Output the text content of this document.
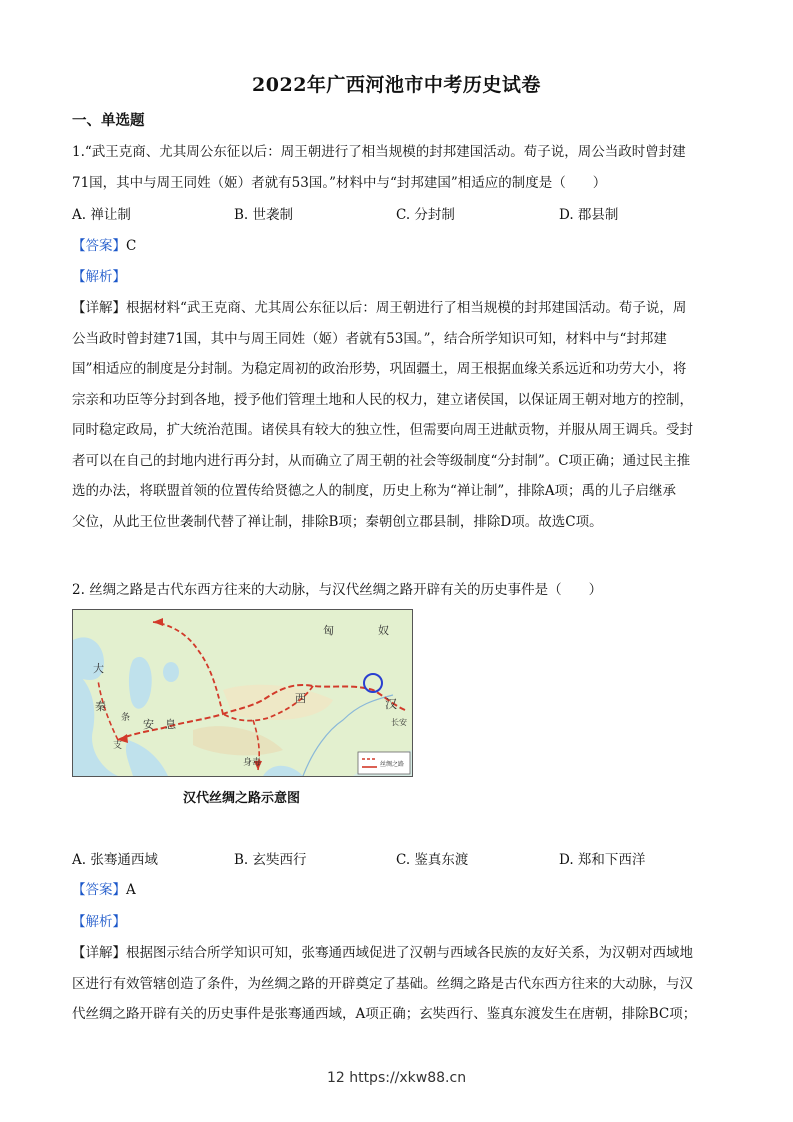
2022年广西河池市中考历史试卷
一、单选题
1.“武王克商、尤其周公东征以后：周王朝进行了相当规模的封邦建国活动。荀子说，周公当政时曾封建
71国，其中与周王同姓（姬）者就有53国。”材料中与“封邦建国”相适应的制度是（　　）
A. 禅让制	B. 世袭制	C. 分封制	D. 郡县制
【答案】C
【解析】
【详解】根据材料“武王克商、尤其周公东征以后：周王朝进行了相当规模的封邦建国活动。荀子说，周
公当政时曾封建71国，其中与周王同姓（姬）者就有53国。”，结合所学知识可知，材料中与“封邦建
国”相适应的制度是分封制。为稳定周初的政治形势，巩固疆土，周王根据血缘关系远近和功劳大小，将
宗亲和功臣等分封到各地，授予他们管理土地和人民的权力，建立诸侯国，以保证周王朝对地方的控制，
同时稳定政局，扩大统治范围。诸侯具有较大的独立性，但需要向周王进献贡物，并服从周王调兵。受封
者可以在自己的封地内进行再分封，从而确立了周王朝的社会等级制度“分封制”。C项正确；通过民主推
选的办法，将联盟首领的位置传给贤德之人的制度，历史上称为“禅让制”，排除A项；禹的儿子启继承
父位，从此王位世袭制代替了禅让制，排除B项；秦朝创立郡县制，排除D项。故选C项。
2. 丝绸之路是古代东西方往来的大动脉，与汉代丝绸之路开辟有关的历史事件是（　　）
匈	奴
西	汉
长安
安 息
大
秦
条
支
身毒	丝绸之路
汉代丝绸之路示意图
A. 张骞通西域	B. 玄奘西行	C. 鉴真东渡	D. 郑和下西洋
【答案】A
【解析】
【详解】根据图示结合所学知识可知，张骞通西域促进了汉朝与西域各民族的友好关系，为汉朝对西域地
区进行有效管辖创造了条件，为丝绸之路的开辟奠定了基础。丝绸之路是古代东西方往来的大动脉，与汉
代丝绸之路开辟有关的历史事件是张骞通西域，A项正确；玄奘西行、鉴真东渡发生在唐朝，排除BC项；
12 https://xkw88.cn
